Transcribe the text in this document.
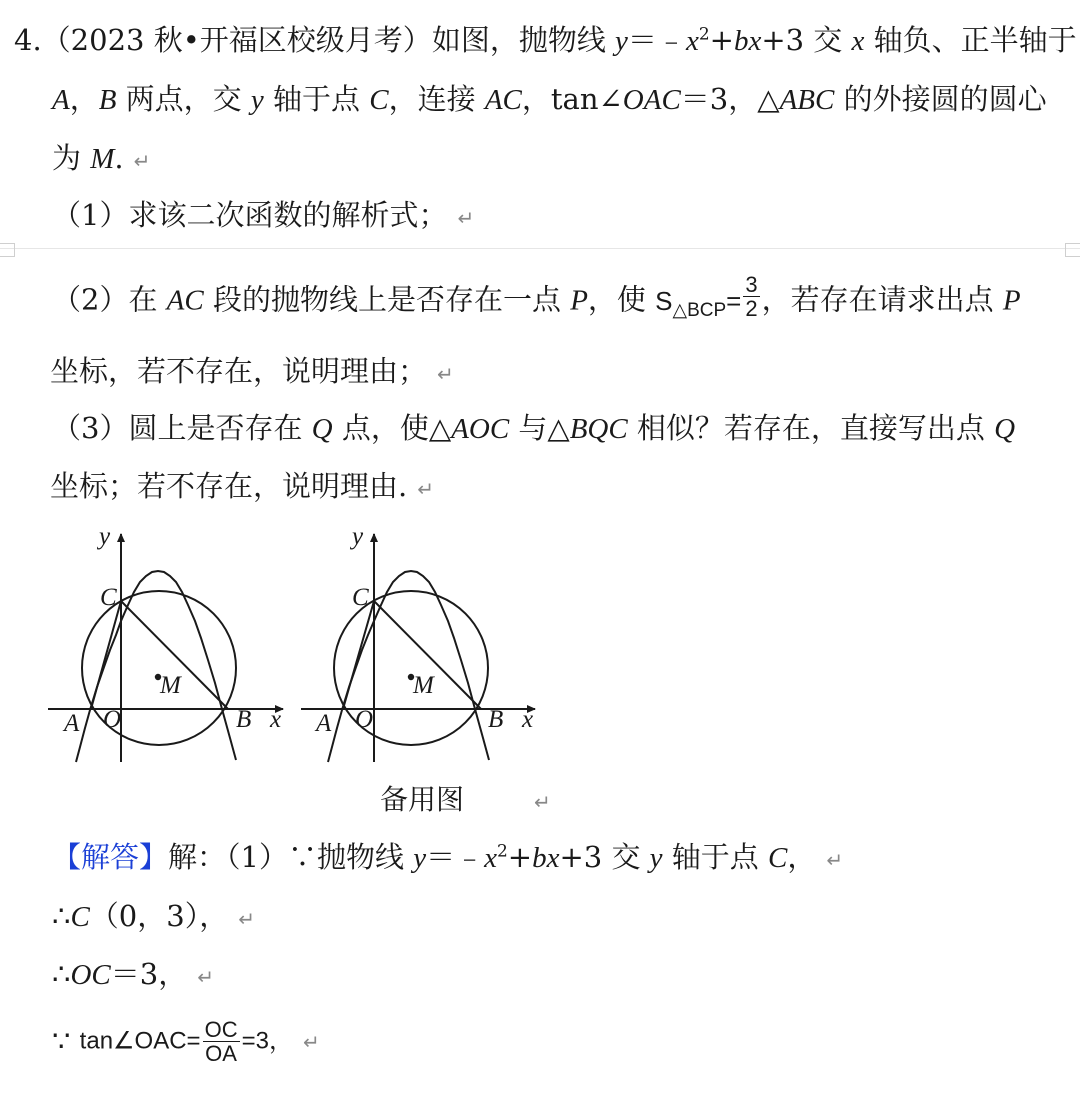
4.（2023 秋•开福区校级月考）如图，抛物线 $y=﹣x^2+bx+3$ 交 x 轴负、正半轴于
A，B 两点，交 y 轴于点 C，连接 AC，tan∠OAC＝3，△ABC 的外接圆的圆心
为 M. ↵
（1）求该二次函数的解析式； ↵
（2）在 AC 段的抛物线上是否存在一点 P，使 $S_{\triangle BCP}= \frac{3}{2}$ ，若存在请求出点 P
坐标，若不存在，说明理由； ↵
（3）圆上是否存在 Q 点，使△AOC 与△BQC 相似？若存在，直接写出点 Q
坐标；若不存在，说明理由. ↵
y
C
M
A O	B x
y
C
M
A O	B x
备用图	↵
【解答】解：（1）∵抛物线 $y=﹣x^2+bx+3$ 交 y 轴于点 C， ↵
∴C（0，3）， ↵
∴OC＝3， ↵
∵ tan∠OAC= $\frac{OC}{OA} =3$， ↵
